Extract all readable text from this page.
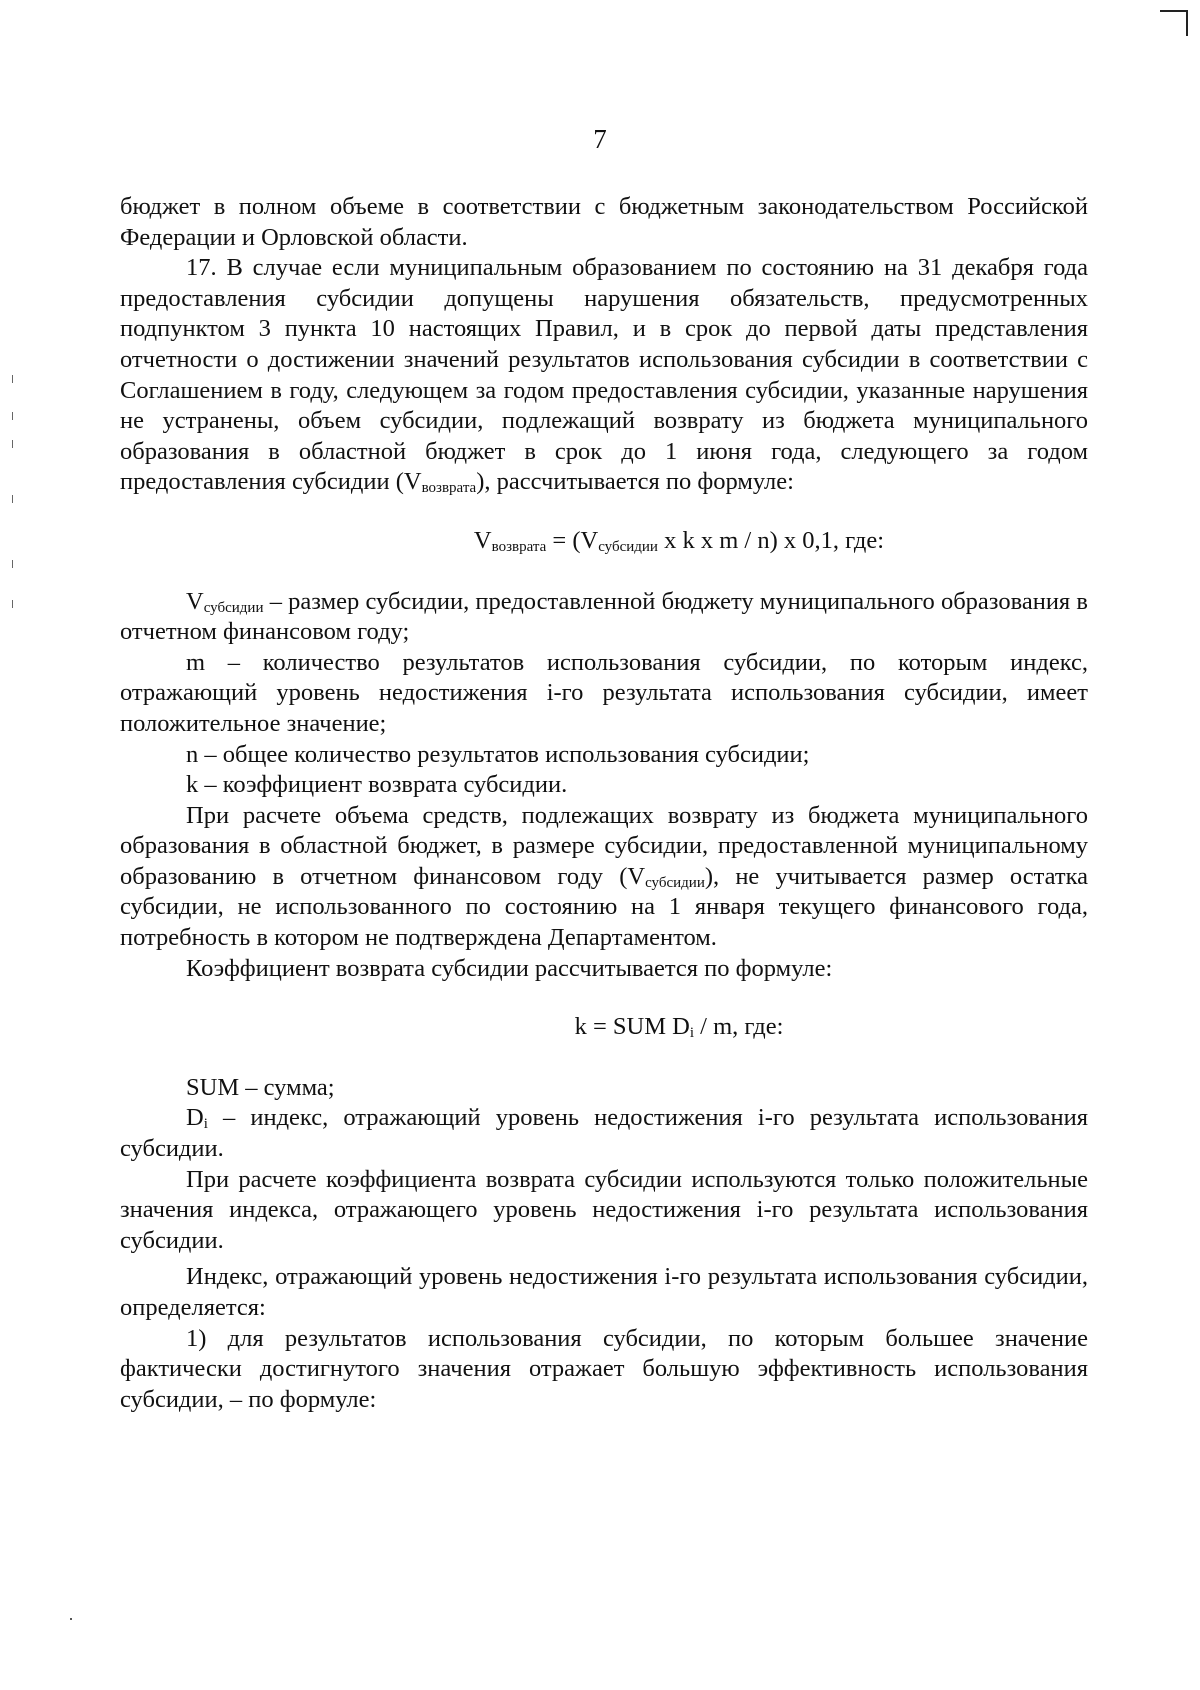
7

бюджет в полном объеме в соответствии с бюджетным законодательством Российской Федерации и Орловской области.

17. В случае если муниципальным образованием по состоянию на 31 декабря года предоставления субсидии допущены нарушения обязательств, предусмотренных подпунктом 3 пункта 10 настоящих Правил, и в срок до первой даты представления отчетности о достижении значений результатов использования субсидии в соответствии с Соглашением в году, следующем за годом предоставления субсидии, указанные нарушения не устранены, объем субсидии, подлежащий возврату из бюджета муниципального образования в областной бюджет в срок до 1 июня года, следующего за годом предоставления субсидии $(V_{возврата})$, рассчитывается по формуле:

$V_{возврата} = (V_{субсидии}$ x k x m / n) x 0,1, где:

$V_{субсидии}$ – размер субсидии, предоставленной бюджету муниципального образования в отчетном финансовом году;

m – количество результатов использования субсидии, по которым индекс, отражающий уровень недостижения i-го результата использования субсидии, имеет положительное значение;

n – общее количество результатов использования субсидии;

k – коэффициент возврата субсидии.

При расчете объема средств, подлежащих возврату из бюджета муниципального образования в областной бюджет, в размере субсидии, предоставленной муниципальному образованию в отчетном финансовом году $(V_{субсидии})$, не учитывается размер остатка субсидии, не использованного по состоянию на 1 января текущего финансового года, потребность в котором не подтверждена Департаментом.

Коэффициент возврата субсидии рассчитывается по формуле:

k = SUM $D_i$ / m, где:

SUM – сумма;

$D_i$ – индекс, отражающий уровень недостижения i-го результата использования субсидии.

При расчете коэффициента возврата субсидии используются только положительные значения индекса, отражающего уровень недостижения i-го результата использования субсидии.

Индекс, отражающий уровень недостижения i-го результата использования субсидии, определяется:

1) для результатов использования субсидии, по которым большее значение фактически достигнутого значения отражает большую эффективность использования субсидии, – по формуле:
